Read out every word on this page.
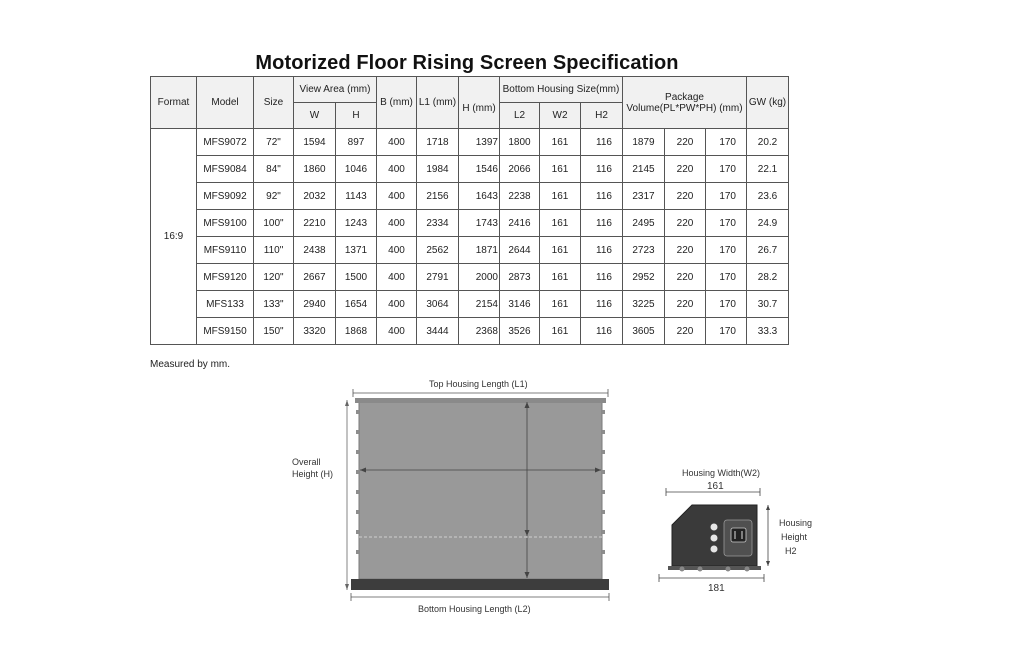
Motorized Floor Rising Screen Specification
Format	Model	Size	View Area (mm)		B (mm)	L1 (mm)	H (mm)	Bottom Housing Size(mm)			Package Volume(PL*PW*PH) (mm)			GW (kg)
			W	H				L2	W2	H2				
16:9	MFS9072	72"	1594	897	400	1718	1397	1800	161	116	1879	220	170	20.2
	MFS9084	84"	1860	1046	400	1984	1546	2066	161	116	2145	220	170	22.1
	MFS9092	92"	2032	1143	400	2156	1643	2238	161	116	2317	220	170	23.6
	MFS9100	100"	2210	1243	400	2334	1743	2416	161	116	2495	220	170	24.9
	MFS9110	110"	2438	1371	400	2562	1871	2644	161	116	2723	220	170	26.7
	MFS9120	120"	2667	1500	400	2791	2000	2873	161	116	2952	220	170	28.2
	MFS133	133"	2940	1654	400	3064	2154	3146	161	116	3225	220	170	30.7
	MFS9150	150"	3320	1868	400	3444	2368	3526	161	116	3605	220	170	33.3
Measured by mm.
Top Housing Length (L1)
Overall
Height (H)
Bottom Housing Length (L2)
Housing Width(W2)
161
181
Housing
Height
H2
